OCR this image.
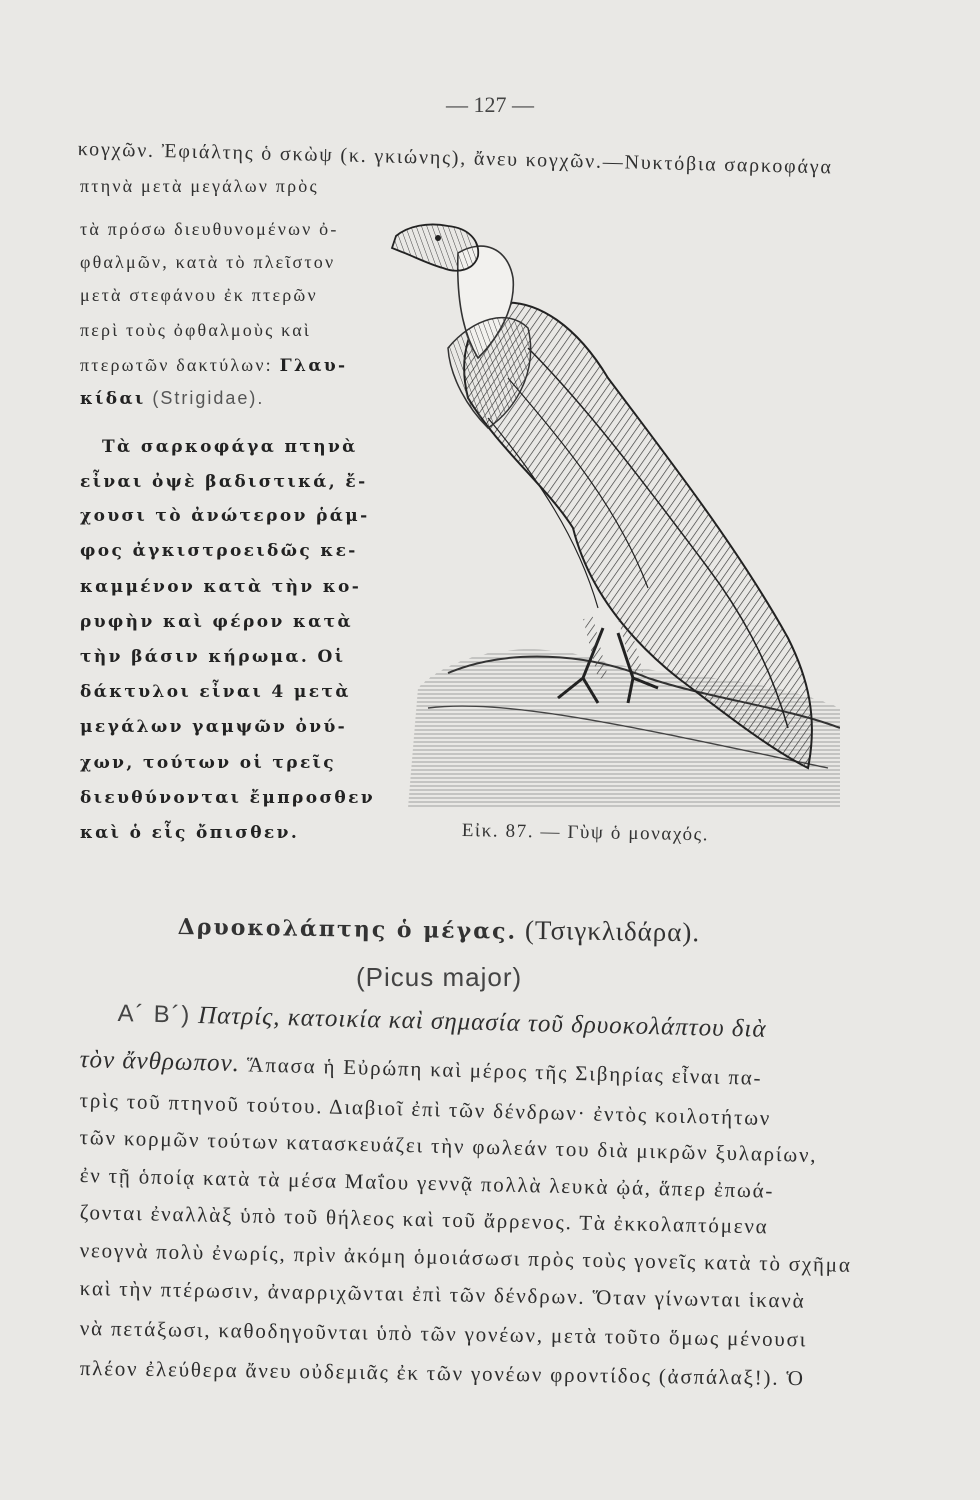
— 127 —
κογχῶν. Ἐφιάλτης ὁ σκὼψ (κ. γκιώνης), ἄνευ κογχῶν.—Νυκτόβια σαρκοφάγα
πτηνὰ μετὰ μεγάλων πρὸς
τὰ πρόσω διευθυνομένων ὀ-
φθαλμῶν, κατὰ τὸ πλεῖστον
μετὰ στεφάνου ἐκ πτερῶν
περὶ τοὺς ὀφθαλμοὺς καὶ
πτερωτῶν δακτύλων: Γλαυ-
κίδαι (Strigidae).
Τὰ σαρκοφάγα πτηνὰ
εἶναι ὀψὲ βαδιστικά, ἔ-
χουσι τὸ ἀνώτερον ῥάμ-
φος ἀγκιστροειδῶς κε-
καμμένον κατὰ τὴν κο-
ρυφὴν καὶ φέρον κατὰ
τὴν βάσιν κήρωμα. Οἱ
δάκτυλοι εἶναι 4 μετὰ
μεγάλων γαμψῶν ὀνύ-
χων, τούτων οἱ τρεῖς
διευθύνονται ἔμπροσθεν
καὶ ὁ εἷς ὄπισθεν.	Εἰκ. 87. — Γὺψ ὁ μοναχός.
Δρυοκολάπτης ὁ μέγας. (Τσιγκλιδάρα).
(Picus major)
Α´ Β´) Πατρίς, κατοικία καὶ σημασία τοῦ δρυοκολάπτου διὰ
τὸν ἄνθρωπον. Ἅπασα ἡ Εὐρώπη καὶ μέρος τῆς Σιβηρίας εἶναι πα-
τρὶς τοῦ πτηνοῦ τούτου. Διαβιοῖ ἐπὶ τῶν δένδρων· ἐντὸς κοιλοτήτων
τῶν κορμῶν τούτων κατασκευάζει τὴν φωλεάν του διὰ μικρῶν ξυλαρίων,
ἐν τῇ ὁποίᾳ κατὰ τὰ μέσα Μαΐου γεννᾷ πολλὰ λευκὰ ᾠά, ἅπερ ἐπωά-
ζονται ἐναλλὰξ ὑπὸ τοῦ θήλεος καὶ τοῦ ἄρρενος. Τὰ ἐκκολαπτόμενα
νεογνὰ πολὺ ἐνωρίς, πρὶν ἀκόμη ὁμοιάσωσι πρὸς τοὺς γονεῖς κατὰ τὸ σχῆμα
καὶ τὴν πτέρωσιν, ἀναρριχῶνται ἐπὶ τῶν δένδρων. Ὅταν γίνωνται ἱκανὰ
νὰ πετάξωσι, καθοδηγοῦνται ὑπὸ τῶν γονέων, μετὰ τοῦτο ὅμως μένουσι
πλέον ἐλεύθερα ἄνευ οὐδεμιᾶς ἐκ τῶν γονέων φροντίδος (ἀσπάλαξ!). Ὁ
